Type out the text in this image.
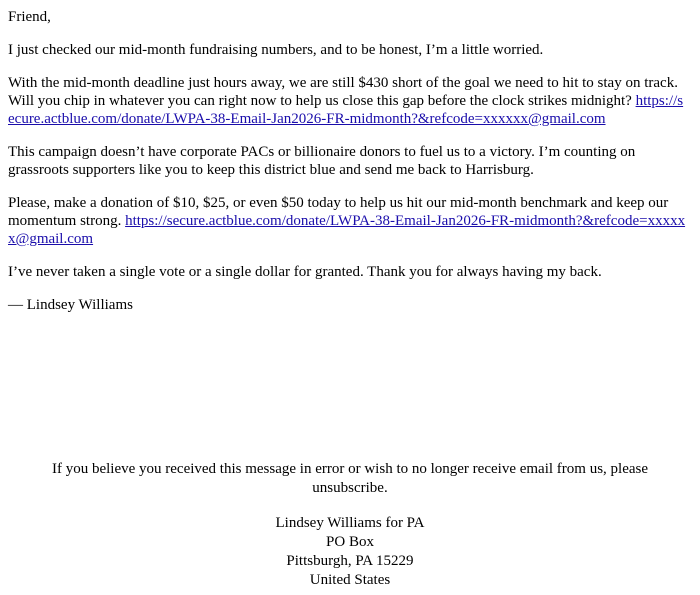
Friend,

I just checked our mid-month fundraising numbers, and to be honest, I’m a little worried.

With the mid-month deadline just hours away, we are still $430 short of the goal we need to hit to stay on track. Will you chip in whatever you can right now to help us close this gap before the clock strikes midnight? https://secure.actblue.com/donate/LWPA-38-Email-Jan2026-FR-midmonth?&refcode=xxxxxx@gmail.com

This campaign doesn’t have corporate PACs or billionaire donors to fuel us to a victory. I’m counting on grassroots supporters like you to keep this district blue and send me back to Harrisburg.

Please, make a donation of $10, $25, or even $50 today to help us hit our mid-month benchmark and keep our momentum strong. https://secure.actblue.com/donate/LWPA-38-Email-Jan2026-FR-midmonth?&refcode=xxxxxx@gmail.com

I’ve never taken a single vote or a single dollar for granted. Thank you for always having my back.

— Lindsey Williams

If you believe you received this message in error or wish to no longer receive email from us, please unsubscribe.

Lindsey Williams for PA
PO Box
Pittsburgh, PA 15229
United States
